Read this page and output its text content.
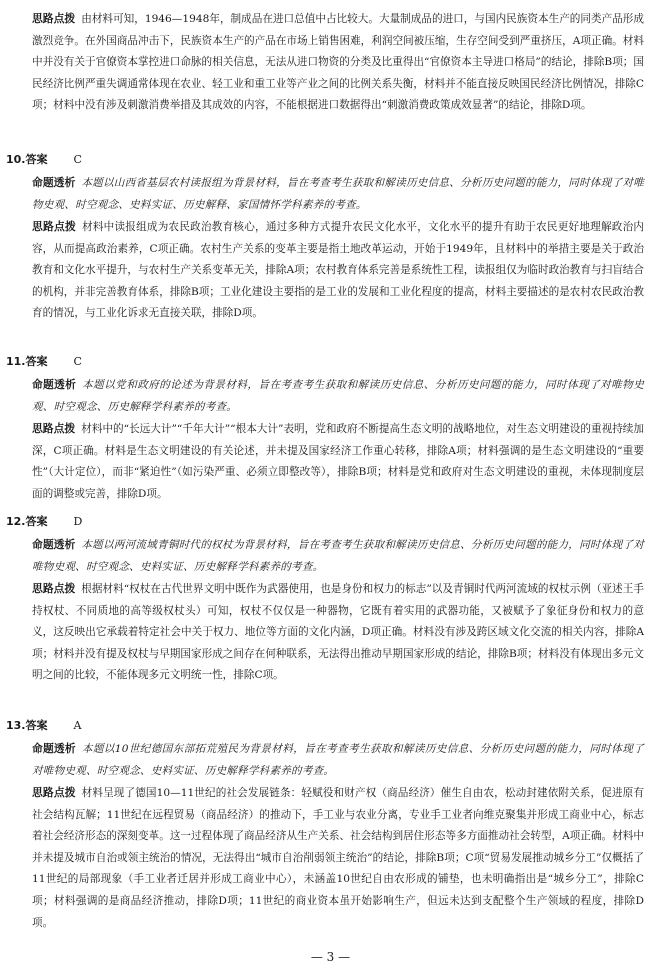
思路点拨 由材料可知，1946—1948年，制成品在进口总值中占比较大。大量制成品的进口，与国内民族资本生产的同类产品形成激烈竞争。在外国商品冲击下，民族资本生产的产品在市场上销售困难，利润空间被压缩，生存空间受到严重挤压，A项正确。材料中并没有关于官僚资本掌控进口命脉的相关信息，无法从进口物资的分类及比重得出“官僚资本主导进口格局”的结论，排除B项；国民经济比例严重失调通常体现在农业、轻工业和重工业等产业之间的比例关系失衡，材料并不能直接反映国民经济比例情况，排除C项；材料中没有涉及刺激消费举措及其成效的内容，不能根据进口数据得出“刺激消费政策成效显著”的结论，排除D项。
10.答案 C
命题透析 本题以山西省基层农村读报组为背景材料，旨在考查考生获取和解读历史信息、分析历史问题的能力，同时体现了对唯物史观、时空观念、史料实证、历史解释、家国情怀学科素养的考查。
思路点拨 材料中读报组成为农民政治教育核心，通过多种方式提升农民文化水平，文化水平的提升有助于农民更好地理解政治内容，从而提高政治素养，C项正确。农村生产关系的变革主要是指土地改革运动，开始于1949年，且材料中的举措主要是关于政治教育和文化水平提升，与农村生产关系变革无关，排除A项；农村教育体系完善是系统性工程，读报组仅为临时政治教育与扫盲结合的机构，并非完善教育体系，排除B项；工业化建设主要指的是工业的发展和工业化程度的提高，材料主要描述的是农村农民政治教育的情况，与工业化诉求无直接关联，排除D项。
11.答案 C
命题透析 本题以党和政府的论述为背景材料，旨在考查考生获取和解读历史信息、分析历史问题的能力，同时体现了对唯物史观、时空观念、历史解释学科素养的考查。
思路点拨 材料中的“长远大计”“千年大计”“根本大计”表明，党和政府不断提高生态文明的战略地位，对生态文明建设的重视持续加深，C项正确。材料是生态文明建设的有关论述，并未提及国家经济工作重心转移，排除A项；材料强调的是生态文明建设的“重要性”（大计定位），而非“紧迫性”（如污染严重、必须立即整改等），排除B项；材料是党和政府对生态文明建设的重视，未体现制度层面的调整或完善，排除D项。
12.答案 D
命题透析 本题以两河流域青铜时代的权杖为背景材料，旨在考查考生获取和解读历史信息、分析历史问题的能力，同时体现了对唯物史观、时空观念、史料实证、历史解释学科素养的考查。
思路点拨 根据材料“权杖在古代世界文明中既作为武器使用，也是身份和权力的标志”以及青铜时代两河流域的权杖示例（亚述王手持权杖、不同质地的高等级权杖头）可知，权杖不仅仅是一种器物，它既有着实用的武器功能，又被赋予了象征身份和权力的意义，这反映出它承载着特定社会中关于权力、地位等方面的文化内涵，D项正确。材料没有涉及跨区域文化交流的相关内容，排除A项；材料并没有提及权杖与早期国家形成之间存在何种联系，无法得出推动早期国家形成的结论，排除B项；材料没有体现出多元文明之间的比较，不能体现多元文明统一性，排除C项。
13.答案 A
命题透析 本题以10世纪德国东部拓荒殖民为背景材料，旨在考查考生获取和解读历史信息、分析历史问题的能力，同时体现了对唯物史观、时空观念、史料实证、历史解释学科素养的考查。
思路点拨 材料呈现了德国10—11世纪的社会发展链条：轻赋役和财产权（商品经济）催生自由农，松动封建依附关系，促进原有社会结构瓦解；11世纪在远程贸易（商品经济）的推动下，手工业与农业分离，专业手工业者向维克聚集并形成工商业中心，标志着社会经济形态的深刻变革。这一过程体现了商品经济从生产关系、社会结构到居住形态等多方面推动社会转型，A项正确。材料中并未提及城市自治或领主统治的情况，无法得出“城市自治削弱领主统治”的结论，排除B项；C项“贸易发展推动城乡分工”仅概括了11世纪的局部现象（手工业者迁居并形成工商业中心），未涵盖10世纪自由农形成的铺垫，也未明确指出是“城乡分工”，排除C项；材料强调的是商品经济推动，排除D项；11世纪的商业资本虽开始影响生产，但远未达到支配整个生产领域的程度，排除D项。
— 3 —
